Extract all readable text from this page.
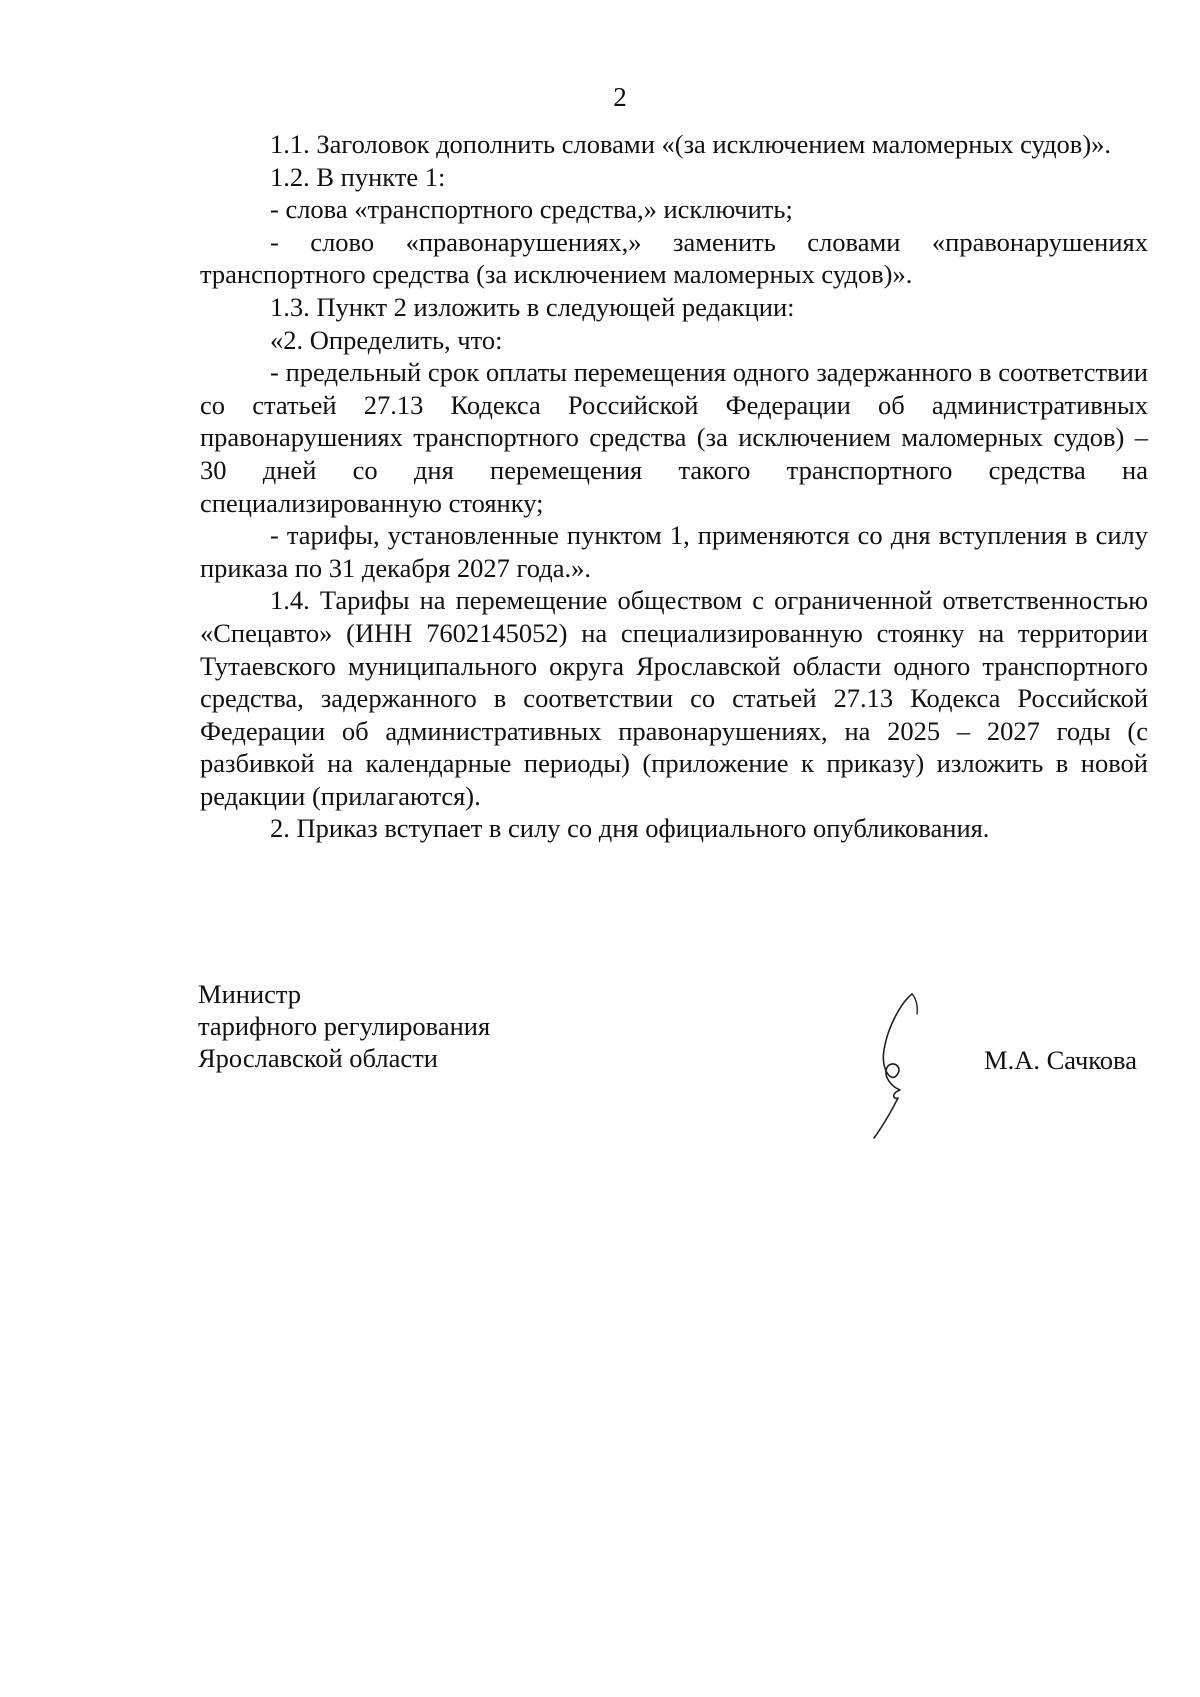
2

1.1. Заголовок дополнить словами «(за исключением маломерных судов)».

1.2. В пункте 1:

- слова «транспортного средства,» исключить;

- слово «правонарушениях,» заменить словами «правонарушениях транспортного средства (за исключением маломерных судов)».

1.3. Пункт 2 изложить в следующей редакции:

«2. Определить, что:

- предельный срок оплаты перемещения одного задержанного в соответствии со статьей 27.13 Кодекса Российской Федерации об административных правонарушениях транспортного средства (за исключением маломерных судов) – 30 дней со дня перемещения такого транспортного средства на специализированную стоянку;

- тарифы, установленные пунктом 1, применяются со дня вступления в силу приказа по 31 декабря 2027 года.».

1.4. Тарифы на перемещение обществом с ограниченной ответственностью «Спецавто» (ИНН 7602145052) на специализированную стоянку на территории Тутаевского муниципального округа Ярославской области одного транспортного средства, задержанного в соответствии со статьей 27.13 Кодекса Российской Федерации об административных правонарушениях, на 2025 – 2027 годы (с разбивкой на календарные периоды) (приложение к приказу) изложить в новой редакции (прилагаются).

2. Приказ вступает в силу со дня официального опубликования.

Министр
тарифного регулирования
Ярославской области	М.А. Сачкова
